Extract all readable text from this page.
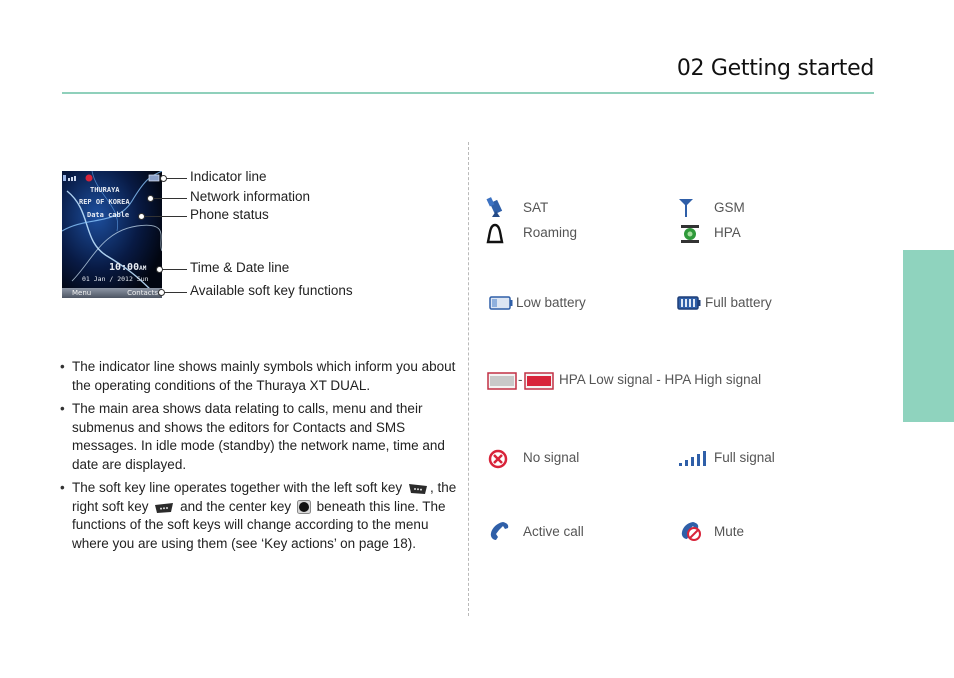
02 Getting started
THURAYA
REP OF KOREA
Data cable
10:00AM
01 Jan / 2012 Sun
Menu	Contacts
Indicator line
Network information
Phone status
Time & Date line
Available soft key functions
• The indicator line shows mainly symbols which inform you about the operating conditions of the Thuraya XT DUAL.
• The main area shows data relating to calls, menu and their submenus and shows the editors for Contacts and SMS messages. In idle mode (standby) the network name, time and date are displayed.
• The soft key line operates together with the left soft key , the right soft key and the center key beneath this line. The functions of the soft keys will change according to the menu where you are using them (see ‘Key actions’ on page 18).
SAT	GSM
Roaming	HPA
Low battery	Full battery
-	HPA Low signal - HPA High signal
No signal	Full signal
Active call	Mute
